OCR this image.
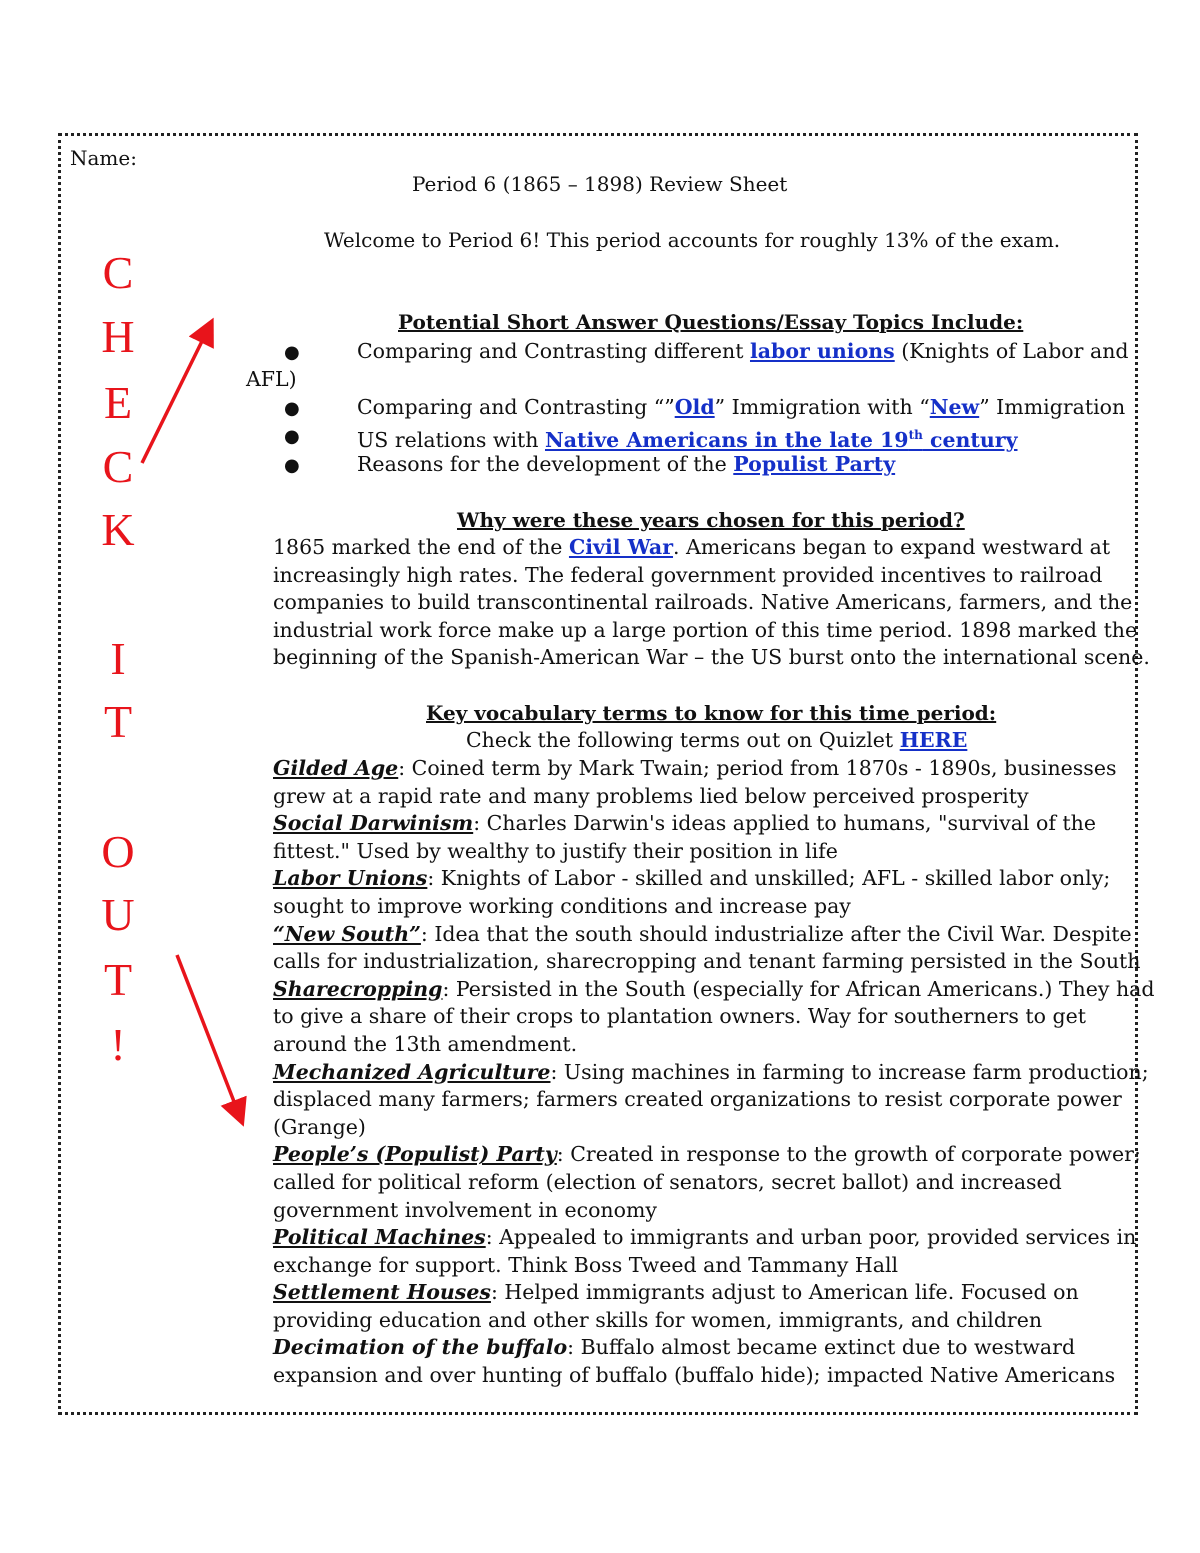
C
H
E
C
K
I
T
O
U
T
!
Name:
Period 6 (1865 – 1898) Review Sheet
Welcome to Period 6! This period accounts for roughly 13% of the exam.
Potential Short Answer Questions/Essay Topics Include:
●	Comparing and Contrasting different labor unions (Knights of Labor and
AFL)
●	Comparing and Contrasting “”Old” Immigration with “New” Immigration
●	US relations with Native Americans in the late 19th century
●	Reasons for the development of the Populist Party
Why were these years chosen for this period?
1865 marked the end of the Civil War. Americans began to expand westward at
increasingly high rates. The federal government provided incentives to railroad
companies to build transcontinental railroads. Native Americans, farmers, and the
industrial work force make up a large portion of this time period. 1898 marked the
beginning of the Spanish-American War – the US burst onto the international scene.
Key vocabulary terms to know for this time period:
Check the following terms out on Quizlet HERE
Gilded Age: Coined term by Mark Twain; period from 1870s - 1890s, businesses
grew at a rapid rate and many problems lied below perceived prosperity
Social Darwinism: Charles Darwin's ideas applied to humans, "survival of the
fittest." Used by wealthy to justify their position in life
Labor Unions: Knights of Labor - skilled and unskilled; AFL - skilled labor only;
sought to improve working conditions and increase pay
“New South”: Idea that the south should industrialize after the Civil War. Despite
calls for industrialization, sharecropping and tenant farming persisted in the South
Sharecropping: Persisted in the South (especially for African Americans.) They had
to give a share of their crops to plantation owners. Way for southerners to get
around the 13th amendment.
Mechanized Agriculture: Using machines in farming to increase farm production;
displaced many farmers; farmers created organizations to resist corporate power
(Grange)
People’s (Populist) Party: Created in response to the growth of corporate power;
called for political reform (election of senators, secret ballot) and increased
government involvement in economy
Political Machines: Appealed to immigrants and urban poor, provided services in
exchange for support. Think Boss Tweed and Tammany Hall
Settlement Houses: Helped immigrants adjust to American life. Focused on
providing education and other skills for women, immigrants, and children
Decimation of the buffalo: Buffalo almost became extinct due to westward
expansion and over hunting of buffalo (buffalo hide); impacted Native Americans
